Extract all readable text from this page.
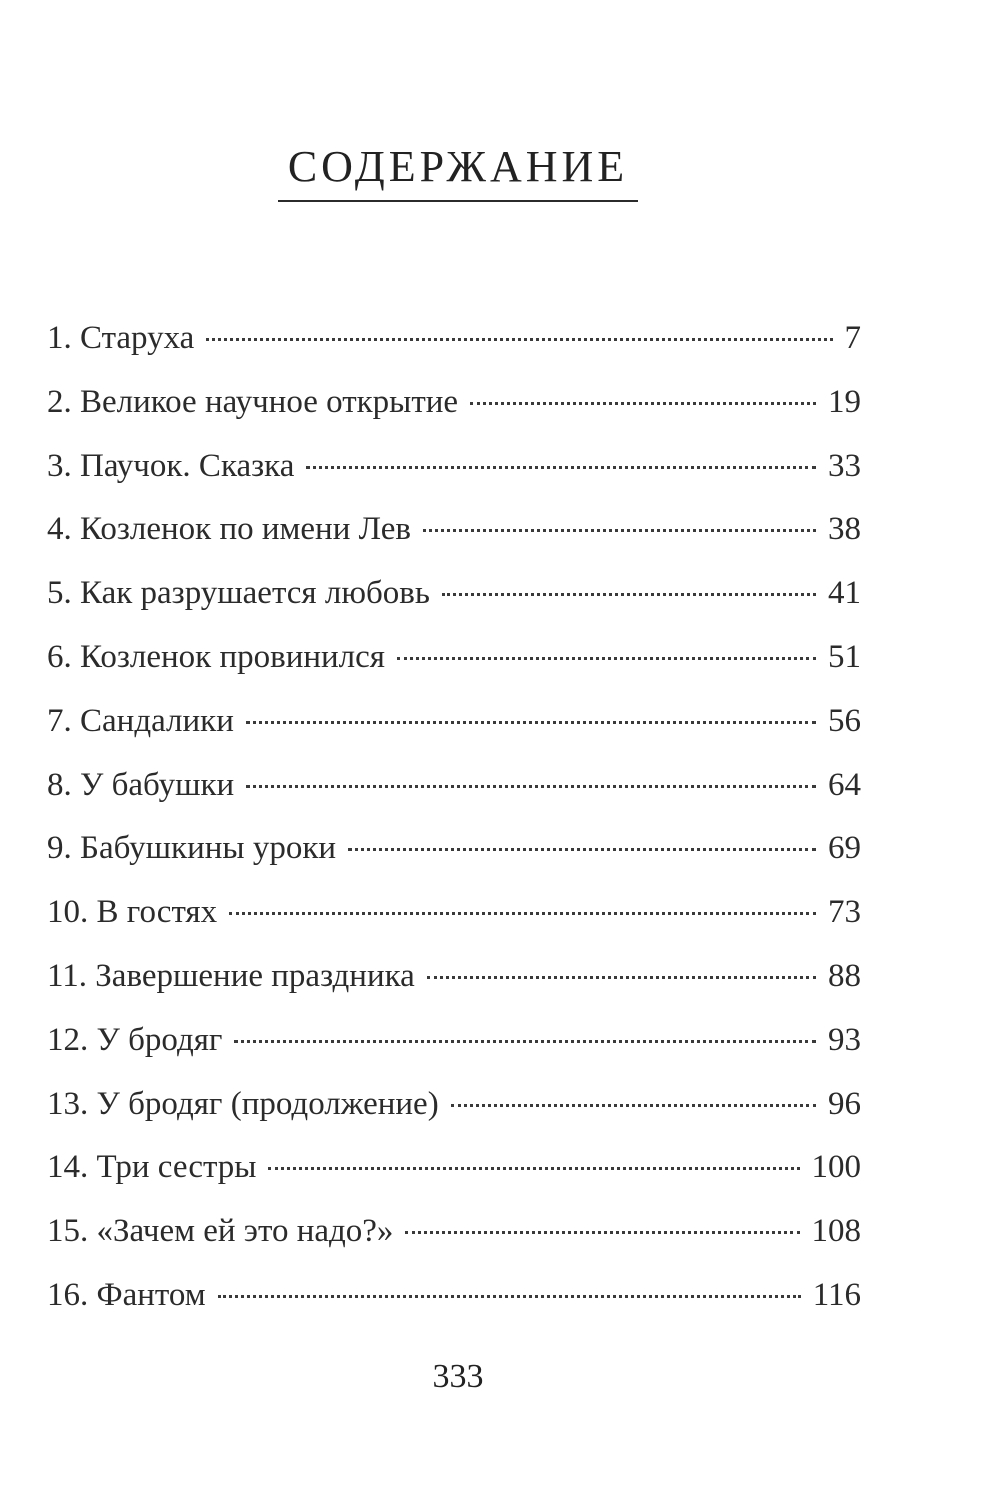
СОДЕРЖАНИЕ
1. Старуха	7
2. Великое научное открытие	19
3. Паучок. Сказка	33
4. Козленок по имени Лев	38
5. Как разрушается любовь	41
6. Козленок провинился	51
7. Сандалики	56
8. У бабушки	64
9. Бабушкины уроки	69
10. В гостях	73
11. Завершение праздника	88
12. У бродяг	93
13. У бродяг (продолжение)	96
14. Три сестры	100
15. «Зачем ей это надо?»	108
16. Фантом	116
333
